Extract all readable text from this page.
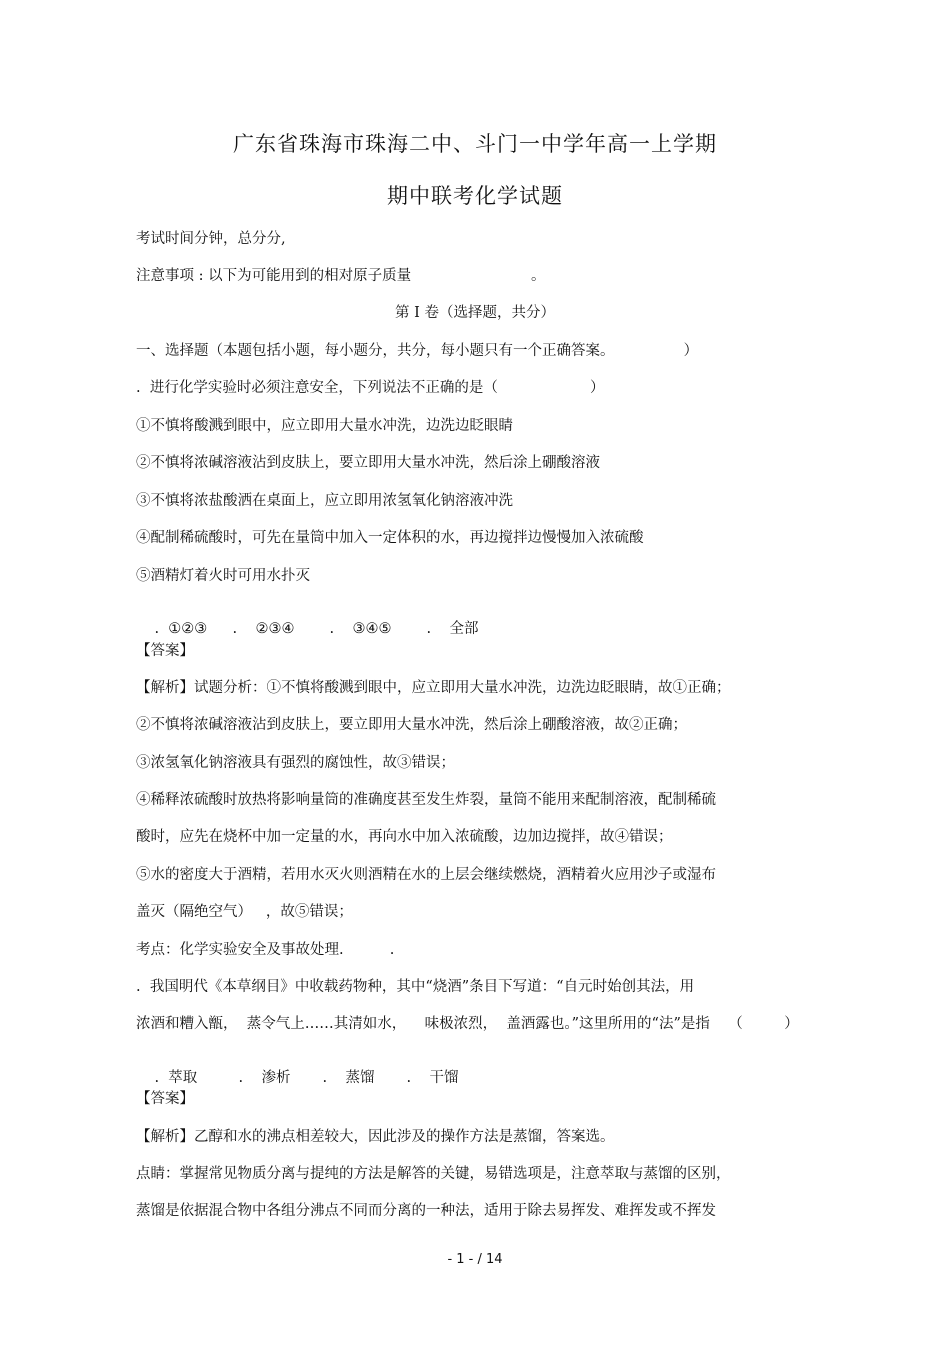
广东省珠海市珠海二中、斗门一中学年高一上学期
期中联考化学试题
考试时间分钟，总分分,
注意事项 : 以下为可能用到的相对原子质量                          。
第 I 卷（选择题，共分）
一、选择题（本题包括小题，每小题分，共分，每小题只有一个正确答案。               ）
.  进行化学实验时必须注意安全，下列说法不正确的是（                    ）
①不慎将酸溅到眼中，应立即用大量水冲洗，边洗边眨眼睛
②不慎将浓碱溶液沾到皮肤上，要立即用大量水冲洗，然后涂上硼酸溶液
③不慎将浓盐酸洒在桌面上，应立即用浓氢氧化钠溶液冲洗
④配制稀硫酸时，可先在量筒中加入一定体积的水，再边搅拌边慢慢加入浓硫酸
⑤酒精灯着火时可用水扑灭

.  ①②③ .    ②③④ .    ③④⑤ .    全部

【答案】
【解析】试题分析：①不慎将酸溅到眼中，应立即用大量水冲洗，边洗边眨眼睛，故①正确；
②不慎将浓碱溶液沾到皮肤上，要立即用大量水冲洗，然后涂上硼酸溶液，故②正确；
③浓氢氧化钠溶液具有强烈的腐蚀性，故③错误；
④稀释浓硫酸时放热将影响量筒的准确度甚至发生炸裂，量筒不能用来配制溶液，配制稀硫
酸时，应先在烧杯中加一定量的水，再向水中加入浓硫酸，边加边搅拌，故④错误；
⑤水的密度大于酒精，若用水灭火则酒精在水的上层会继续燃烧，酒精着火应用沙子或湿布
盖灭（隔绝空气）   ，故⑤错误；
考点：化学实验安全及事故处理.          .
.  我国明代《本草纲目》中收载药物种，其中“烧酒”条目下写道：“自元时始创其法，用
浓酒和糟入甑，  蒸令气上……其清如水，    味极浓烈，  盖酒露也。”这里所用的“法”是指    （         ）

.  萃取	.    渗析 .    蒸馏 .    干馏

【答案】
【解析】乙醇和水的沸点相差较大，因此涉及的操作方法是蒸馏，答案选。
点睛：掌握常见物质分离与提纯的方法是解答的关键，易错选项是，注意萃取与蒸馏的区别，
蒸馏是依据混合物中各组分沸点不同而分离的一种法，适用于除去易挥发、难挥发或不挥发
- 1 - / 14
